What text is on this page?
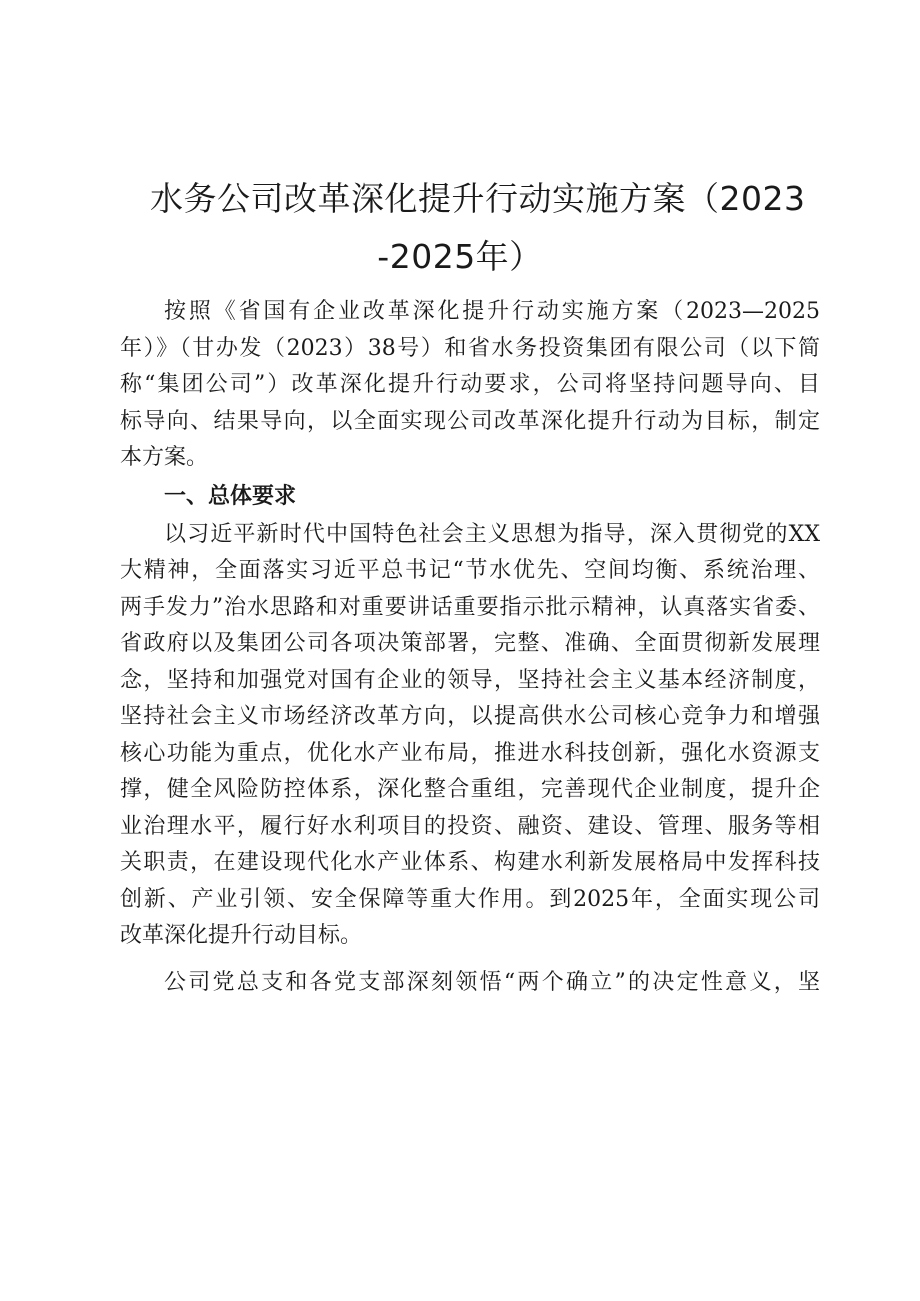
水务公司改革深化提升行动实施方案（2023
-2025年）
按照《省国有企业改革深化提升行动实施方案（2023—2025
年）》（甘办发（2023）38号）和省水务投资集团有限公司（以下简
称“集团公司”）改革深化提升行动要求，公司将坚持问题导向、目
标导向、结果导向，以全面实现公司改革深化提升行动为目标，制定
本方案。
一、总体要求
以习近平新时代中国特色社会主义思想为指导，深入贯彻党的XX
大精神，全面落实习近平总书记“节水优先、空间均衡、系统治理、
两手发力”治水思路和对重要讲话重要指示批示精神，认真落实省委、
省政府以及集团公司各项决策部署，完整、准确、全面贯彻新发展理
念，坚持和加强党对国有企业的领导，坚持社会主义基本经济制度，
坚持社会主义市场经济改革方向，以提高供水公司核心竞争力和增强
核心功能为重点，优化水产业布局，推进水科技创新，强化水资源支
撑，健全风险防控体系，深化整合重组，完善现代企业制度，提升企
业治理水平，履行好水利项目的投资、融资、建设、管理、服务等相
关职责，在建设现代化水产业体系、构建水利新发展格局中发挥科技
创新、产业引领、安全保障等重大作用。到2025年，全面实现公司
改革深化提升行动目标。
公司党总支和各党支部深刻领悟“两个确立”的决定性意义，坚
